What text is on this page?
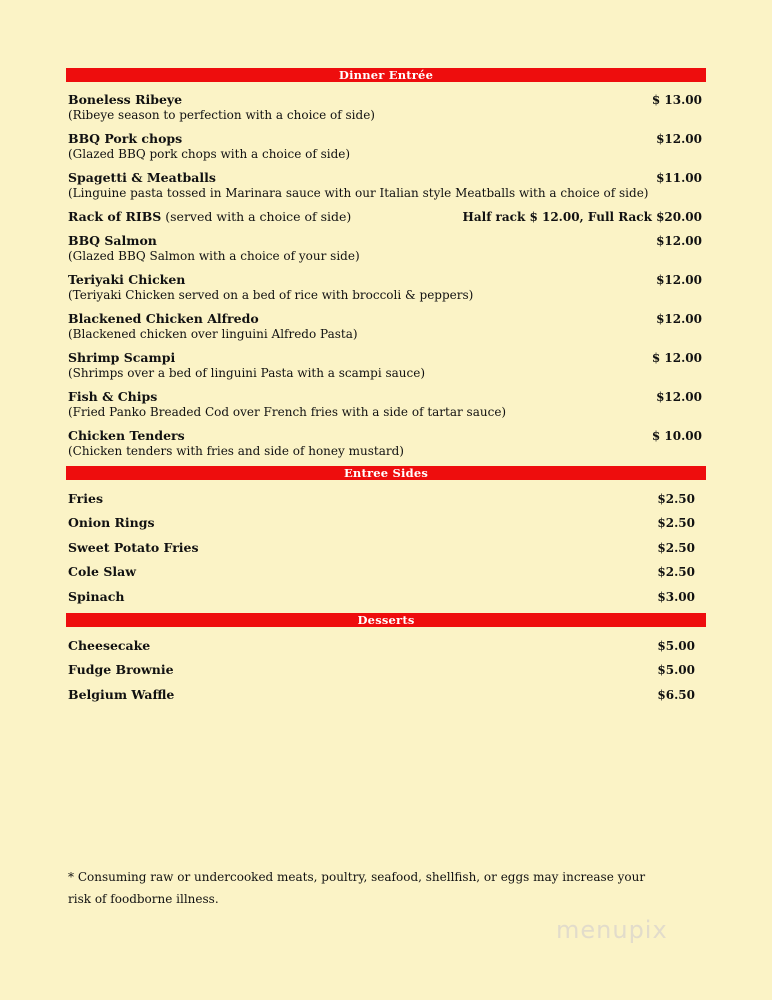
Dinner Entrée
Boneless Ribeye	$ 13.00
(Ribeye season to perfection with a choice of side)
BBQ Pork chops	$12.00
(Glazed BBQ pork chops with a choice of side)
Spagetti & Meatballs	$11.00
(Linguine pasta tossed in Marinara sauce with our Italian style Meatballs with a choice of side)
Rack of RIBS (served with a choice of side)	Half rack $ 12.00, Full Rack $20.00
BBQ Salmon	$12.00
(Glazed BBQ Salmon with a choice of your side)
Teriyaki Chicken	$12.00
(Teriyaki Chicken served on a bed of rice with broccoli & peppers)
Blackened Chicken Alfredo	$12.00
(Blackened chicken over linguini Alfredo Pasta)
Shrimp Scampi	$ 12.00
(Shrimps over a bed of linguini Pasta with a scampi sauce)
Fish & Chips	$12.00
(Fried Panko Breaded Cod over French fries with a side of tartar sauce)
Chicken Tenders	$ 10.00
(Chicken tenders with fries and side of honey mustard)
Entree Sides
Fries	$2.50
Onion Rings	$2.50
Sweet Potato Fries	$2.50
Cole Slaw	$2.50
Spinach	$3.00
Desserts
Cheesecake	$5.00
Fudge Brownie	$5.00
Belgium Waffle	$6.50
* Consuming raw or undercooked meats, poultry, seafood, shellfish, or eggs may increase your risk of foodborne illness.
menupix
